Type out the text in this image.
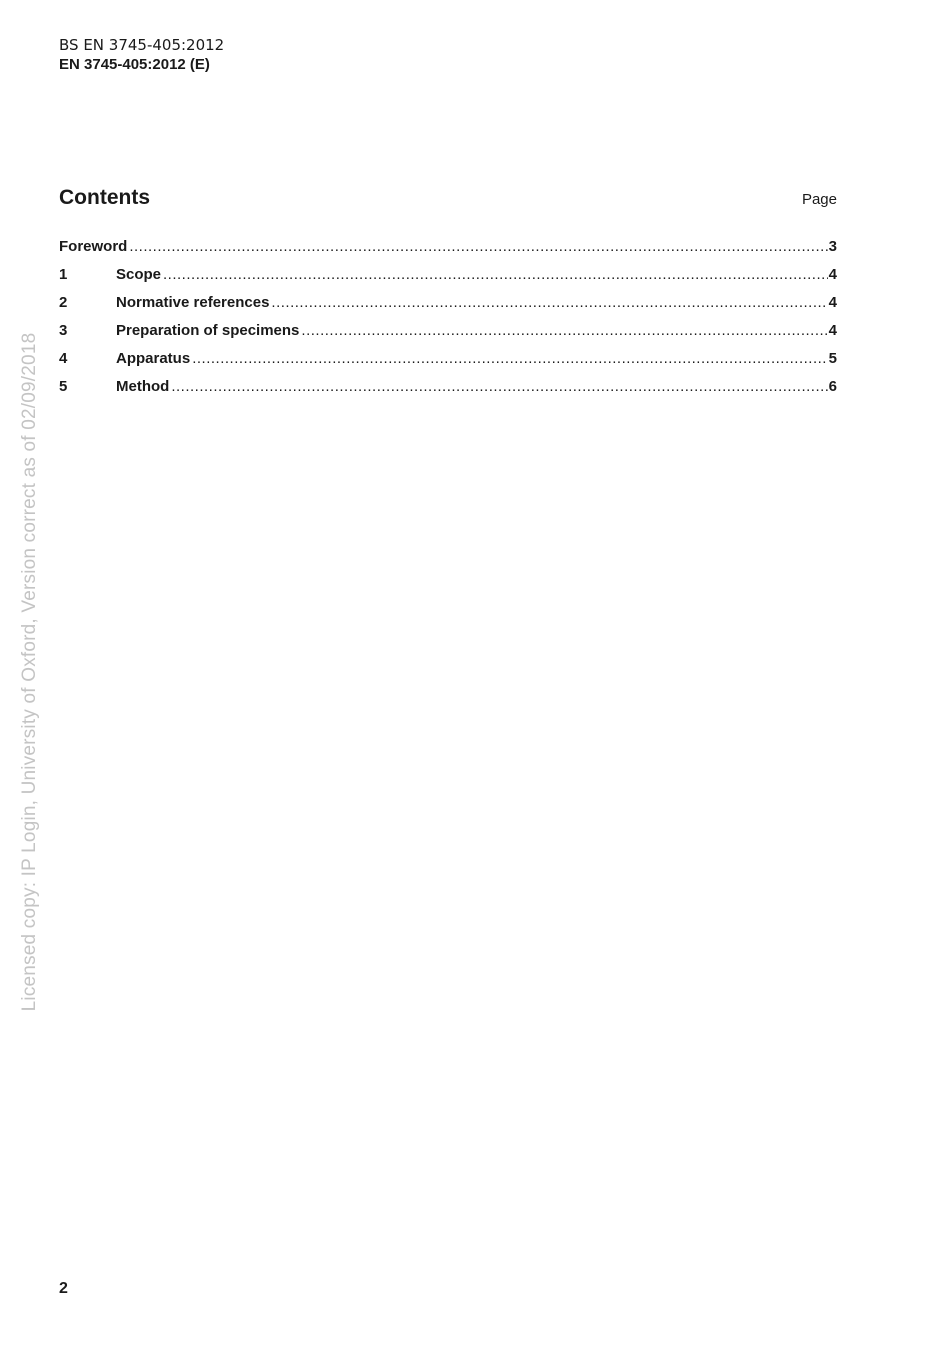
BS EN 3745-405:2012
EN 3745-405:2012 (E)
Contents	Page
Foreword .....	3
1	Scope .....	4
2	Normative references .....	4
3	Preparation of specimens .....	4
4	Apparatus .....	5
5	Method .....	6
Licensed copy: IP Login, University of Oxford, Version correct as of 02/09/2018
2
